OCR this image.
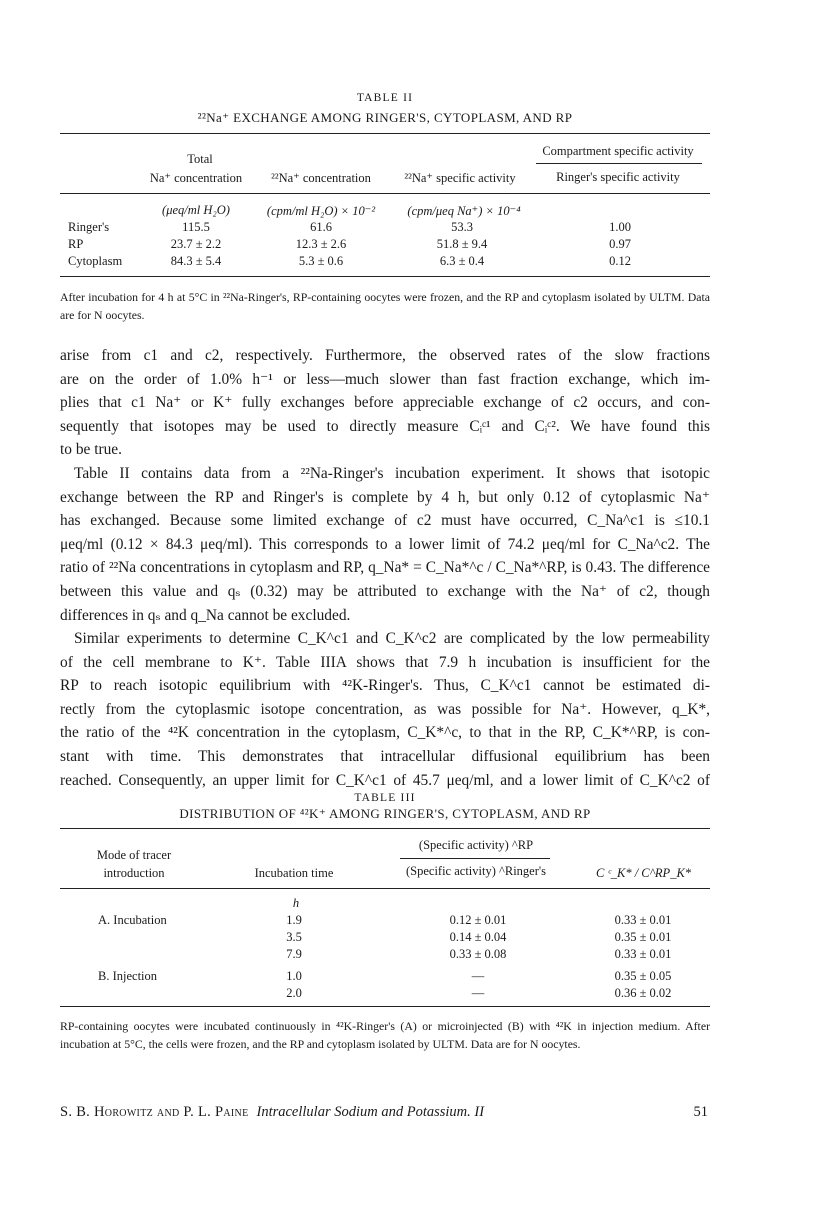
TABLE II
²²Na⁺ EXCHANGE AMONG RINGER'S, CYTOPLASM, AND RP
Total
Na⁺ concentration	²²Na⁺ concentration	²²Na⁺ specific activity
Compartment specific activity
Ringer's specific activity
(μeq/ml H₂O)	(cpm/ml H₂O) × 10⁻²	(cpm/μeq Na⁺) × 10⁻⁴
Ringer's	115.5	61.6	53.3	1.00
RP	23.7 ± 2.2	12.3 ± 2.6	51.8 ± 9.4	0.97
Cytoplasm	84.3 ± 5.4	5.3 ± 0.6	6.3 ± 0.4	0.12
After incubation for 4 h at 5°C in ²²Na-Ringer's, RP-containing oocytes were frozen, and the RP and cytoplasm isolated by ULTM. Data are for N oocytes.
arise from c1 and c2, respectively. Furthermore, the observed rates of the slow fractions
are on the order of 1.0% h⁻¹ or less—much slower than fast fraction exchange, which im-
plies that c1 Na⁺ or K⁺ fully exchanges before appreciable exchange of c2 occurs, and con-
sequently that isotopes may be used to directly measure Cᵢᶜ¹ and Cᵢᶜ². We have found this
to be true.
Table II contains data from a ²²Na-Ringer's incubation experiment. It shows that isotopic
exchange between the RP and Ringer's is complete by 4 h, but only 0.12 of cytoplasmic Na⁺
has exchanged. Because some limited exchange of c2 must have occurred, C_Na^c1 is ≤10.1
μeq/ml (0.12 × 84.3 μeq/ml). This corresponds to a lower limit of 74.2 μeq/ml for C_Na^c2. The
ratio of ²²Na concentrations in cytoplasm and RP, q_Na* = C_Na*^c / C_Na*^RP, is 0.43. The difference
between this value and qₛ (0.32) may be attributed to exchange with the Na⁺ of c2, though
differences in qₛ and q_Na cannot be excluded.
Similar experiments to determine C_K^c1 and C_K^c2 are complicated by the low permeability
of the cell membrane to K⁺. Table IIIA shows that 7.9 h incubation is insufficient for the
RP to reach isotopic equilibrium with ⁴²K-Ringer's. Thus, C_K^c1 cannot be estimated di-
rectly from the cytoplasmic isotope concentration, as was possible for Na⁺. However, q_K*,
the ratio of the ⁴²K concentration in the cytoplasm, C_K*^c, to that in the RP, C_K*^RP, is con-
stant with time. This demonstrates that intracellular diffusional equilibrium has been
reached. Consequently, an upper limit for C_K^c1 of 45.7 μeq/ml, and a lower limit of C_K^c2 of
TABLE III
DISTRIBUTION OF ⁴²K⁺ AMONG RINGER'S, CYTOPLASM, AND RP
Mode of tracer
introduction	Incubation time
(Specific activity) ^RP
(Specific activity) ^Ringer's	C ᶜ_K* / C^RP_K*
h
A. Incubation	1.9	0.12 ± 0.01	0.33 ± 0.01
3.5	0.14 ± 0.04	0.35 ± 0.01
7.9	0.33 ± 0.08	0.33 ± 0.01
B. Injection	1.0	—	0.35 ± 0.05
2.0	—	0.36 ± 0.02
RP-containing oocytes were incubated continuously in ⁴²K-Ringer's (A) or microinjected (B) with ⁴²K in injection medium. After incubation at 5°C, the cells were frozen, and the RP and cytoplasm isolated by ULTM. Data are for N oocytes.
S. B. Horowitz and P. L. Paine Intracellular Sodium and Potassium. II	51
